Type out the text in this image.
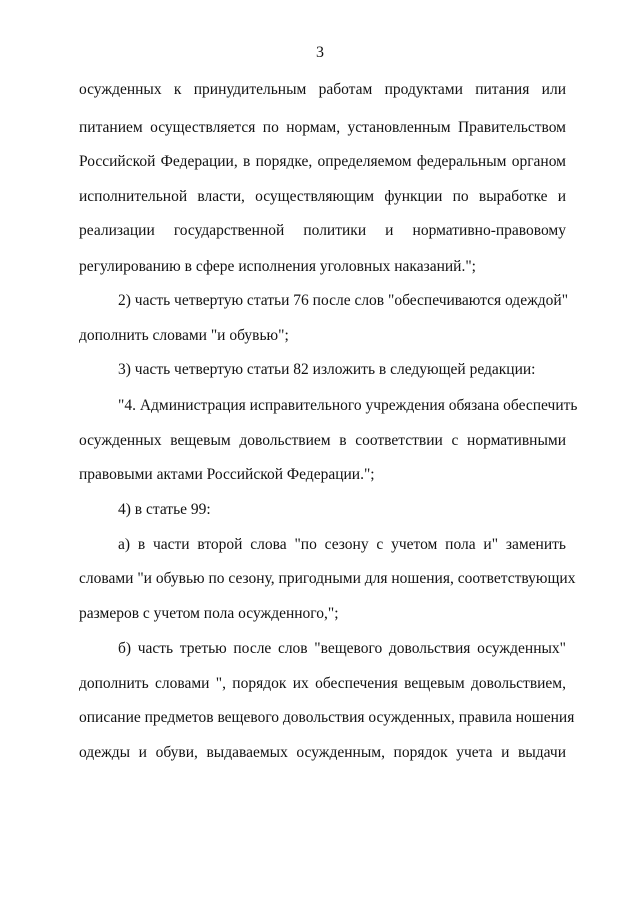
3
осужденных к принудительным работам продуктами питания или
питанием осуществляется по нормам, установленным Правительством
Российской Федерации, в порядке, определяемом федеральным органом
исполнительной власти, осуществляющим функции по выработке и
реализации государственной политики и нормативно-правовому
регулированию в сфере исполнения уголовных наказаний.";
2) часть четвертую статьи 76 после слов "обеспечиваются одеждой"
дополнить словами "и обувью";
3) часть четвертую статьи 82 изложить в следующей редакции:
"4. Администрация исправительного учреждения обязана обеспечить
осужденных вещевым довольствием в соответствии с нормативными
правовыми актами Российской Федерации.";
4) в статье 99:
а) в части второй слова "по сезону с учетом пола и" заменить
словами "и обувью по сезону, пригодными для ношения, соответствующих
размеров с учетом пола осужденного,";
б) часть третью после слов "вещевого довольствия осужденных"
дополнить словами ", порядок их обеспечения вещевым довольствием,
описание предметов вещевого довольствия осужденных, правила ношения
одежды и обуви, выдаваемых осужденным, порядок учета и выдачи
